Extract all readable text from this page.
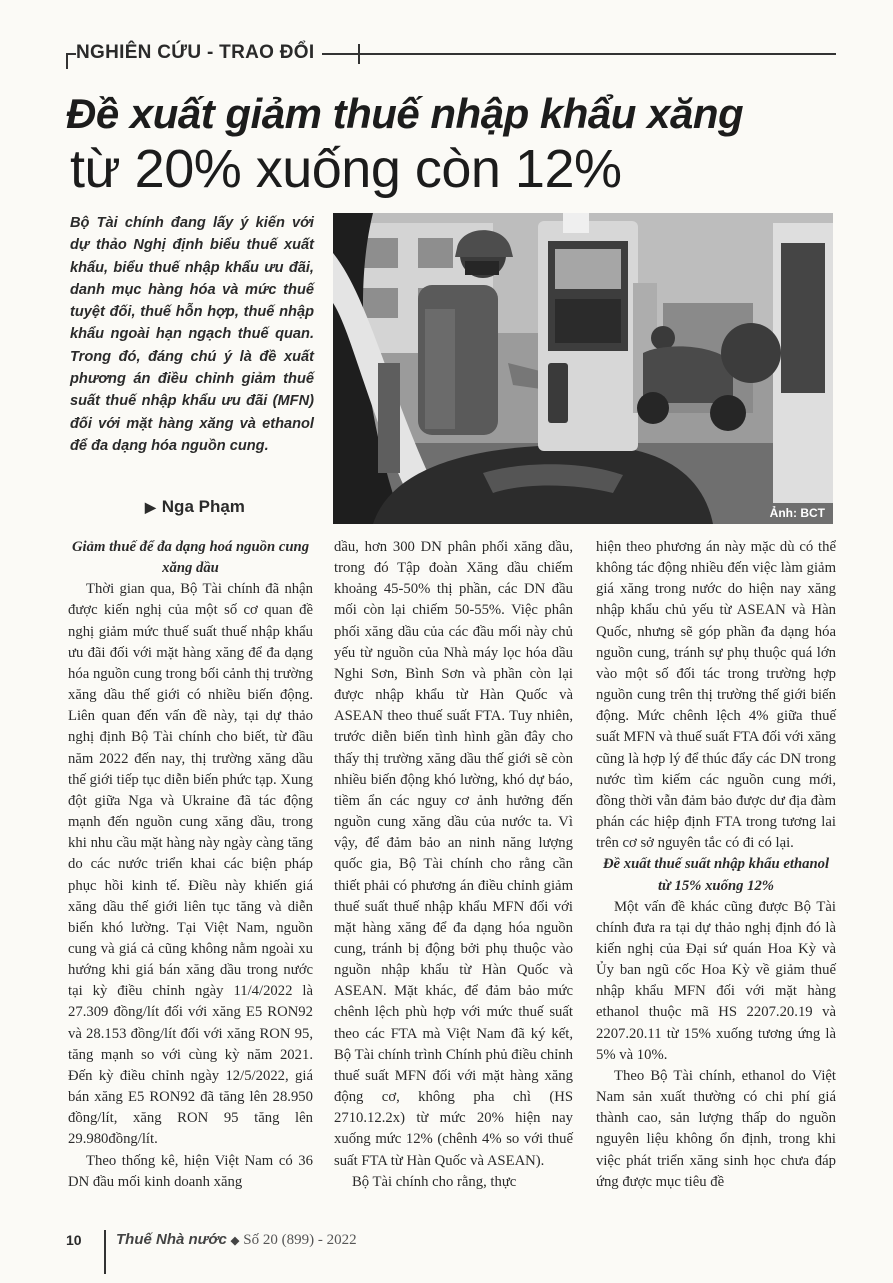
NGHIÊN CỨU - TRAO ĐỔI
Đề xuất giảm thuế nhập khẩu xăng
từ 20% xuống còn 12%
Bộ Tài chính đang lấy ý kiến với dự thảo Nghị định biểu thuế xuất khẩu, biểu thuế nhập khẩu ưu đãi, danh mục hàng hóa và mức thuế tuyệt đối, thuế hỗn hợp, thuế nhập khẩu ngoài hạn ngạch thuế quan. Trong đó, đáng chú ý là đề xuất phương án điều chỉnh giảm thuế suất thuế nhập khẩu ưu đãi (MFN) đối với mặt hàng xăng và ethanol để đa dạng hóa nguồn cung.
▶ Nga Phạm	Ảnh: BCT

Giảm thuế để đa dạng hoá nguồn cung xăng dầu

Thời gian qua, Bộ Tài chính đã nhận được kiến nghị của một số cơ quan đề nghị giảm mức thuế suất thuế nhập khẩu ưu đãi đối với mặt hàng xăng để đa dạng hóa nguồn cung trong bối cảnh thị trường xăng dầu thế giới có nhiều biến động. Liên quan đến vấn đề này, tại dự thảo nghị định Bộ Tài chính cho biết, từ đầu năm 2022 đến nay, thị trường xăng dầu thế giới tiếp tục diễn biến phức tạp. Xung đột giữa Nga và Ukraine đã tác động mạnh đến nguồn cung xăng dầu, trong khi nhu cầu mặt hàng này ngày càng tăng do các nước triển khai các biện pháp phục hồi kinh tế. Điều này khiến giá xăng dầu thế giới liên tục tăng và diễn biến khó lường. Tại Việt Nam, nguồn cung và giá cả cũng không nằm ngoài xu hướng khi giá bán xăng dầu trong nước tại kỳ điều chỉnh ngày 11/4/2022 là 27.309 đồng/lít đối với xăng E5 RON92 và 28.153 đồng/lít đối với xăng RON 95, tăng mạnh so với cùng kỳ năm 2021. Đến kỳ điều chỉnh ngày 12/5/2022, giá bán xăng E5 RON92 đã tăng lên 28.950 đồng/lít, xăng RON 95 tăng lên 29.980đồng/lít.

Theo thống kê, hiện Việt Nam có 36 DN đầu mối kinh doanh xăng

dầu, hơn 300 DN phân phối xăng dầu, trong đó Tập đoàn Xăng dầu chiếm khoảng 45-50% thị phần, các DN đầu mối còn lại chiếm 50-55%. Việc phân phối xăng dầu của các đầu mối này chủ yếu từ nguồn của Nhà máy lọc hóa dầu Nghi Sơn, Bình Sơn và phần còn lại được nhập khẩu từ Hàn Quốc và ASEAN theo thuế suất FTA. Tuy nhiên, trước diễn biến tình hình gần đây cho thấy thị trường xăng dầu thế giới sẽ còn nhiều biến động khó lường, khó dự báo, tiềm ẩn các nguy cơ ảnh hưởng đến nguồn cung xăng dầu của nước ta. Vì vậy, để đảm bảo an ninh năng lượng quốc gia, Bộ Tài chính cho rằng cần thiết phải có phương án điều chỉnh giảm thuế suất thuế nhập khẩu MFN đối với mặt hàng xăng để đa dạng hóa nguồn cung, tránh bị động bởi phụ thuộc vào nguồn nhập khẩu từ Hàn Quốc và ASEAN. Mặt khác, để đảm bảo mức chênh lệch phù hợp với mức thuế suất theo các FTA mà Việt Nam đã ký kết, Bộ Tài chính trình Chính phủ điều chỉnh thuế suất MFN đối với mặt hàng xăng động cơ, không pha chì (HS 2710.12.2x) từ mức 20% hiện nay xuống mức 12% (chênh 4% so với thuế suất FTA từ Hàn Quốc và ASEAN).

Bộ Tài chính cho rằng, thực

hiện theo phương án này mặc dù có thể không tác động nhiều đến việc làm giảm giá xăng trong nước do hiện nay xăng nhập khẩu chủ yếu từ ASEAN và Hàn Quốc, nhưng sẽ góp phần đa dạng hóa nguồn cung, tránh sự phụ thuộc quá lớn vào một số đối tác trong trường hợp nguồn cung trên thị trường thế giới biến động. Mức chênh lệch 4% giữa thuế suất MFN và thuế suất FTA đối với xăng cũng là hợp lý để thúc đẩy các DN trong nước tìm kiếm các nguồn cung mới, đồng thời vẫn đảm bảo được dư địa đàm phán các hiệp định FTA trong tương lai trên cơ sở nguyên tắc có đi có lại.

Đề xuất thuế suất nhập khẩu ethanol từ 15% xuống 12%

Một vấn đề khác cũng được Bộ Tài chính đưa ra tại dự thảo nghị định đó là kiến nghị của Đại sứ quán Hoa Kỳ và Ủy ban ngũ cốc Hoa Kỳ về giảm thuế nhập khẩu MFN đối với mặt hàng ethanol thuộc mã HS 2207.20.19 và 2207.20.11 từ 15% xuống tương ứng là 5% và 10%.

Theo Bộ Tài chính, ethanol do Việt Nam sản xuất thường có chi phí giá thành cao, sản lượng thấp do nguồn nguyên liệu không ổn định, trong khi việc phát triển xăng sinh học chưa đáp ứng được mục tiêu đề

10 Thuế Nhà nước ◆ Số 20 (899) - 2022
